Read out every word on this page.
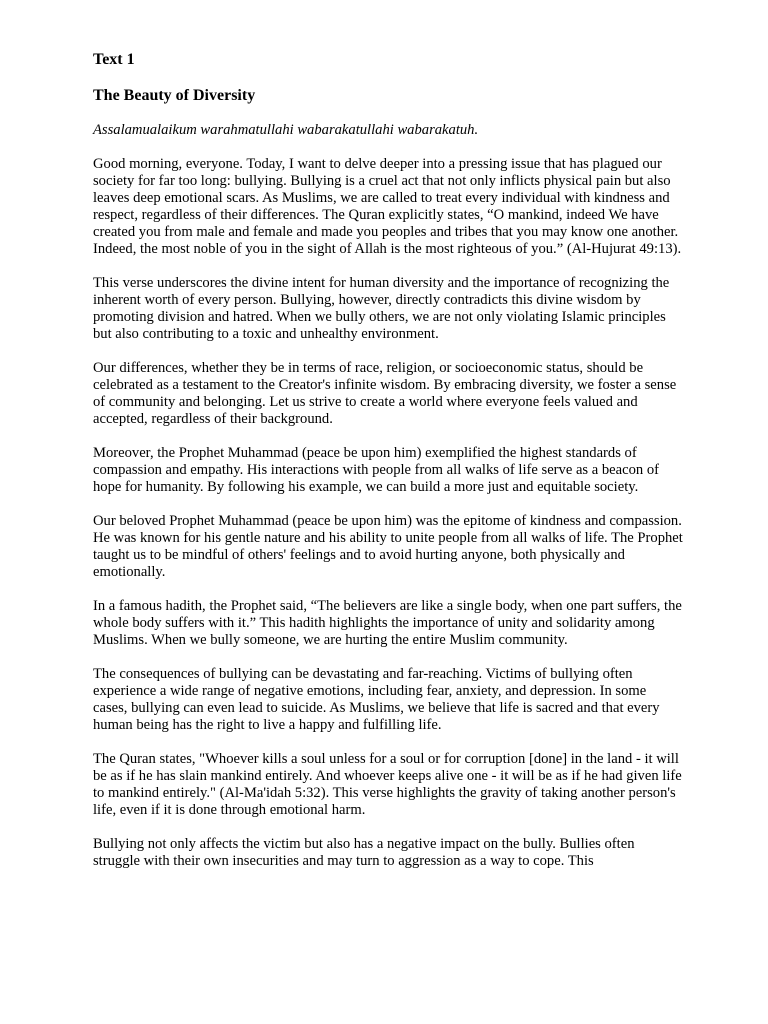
Text 1

The Beauty of Diversity

Assalamualaikum warahmatullahi wabarakatullahi wabarakatuh.

Good morning, everyone. Today, I want to delve deeper into a pressing issue that has plagued our society for far too long: bullying. Bullying is a cruel act that not only inflicts physical pain but also leaves deep emotional scars. As Muslims, we are called to treat every individual with kindness and respect, regardless of their differences. The Quran explicitly states, “O mankind, indeed We have created you from male and female and made you peoples and tribes that you may know one another. Indeed, the most noble of you in the sight of Allah is the most righteous of you.” (Al-Hujurat 49:13).

This verse underscores the divine intent for human diversity and the importance of recognizing the inherent worth of every person. Bullying, however, directly contradicts this divine wisdom by promoting division and hatred. When we bully others, we are not only violating Islamic principles but also contributing to a toxic and unhealthy environment.

Our differences, whether they be in terms of race, religion, or socioeconomic status, should be celebrated as a testament to the Creator's infinite wisdom. By embracing diversity, we foster a sense of community and belonging. Let us strive to create a world where everyone feels valued and accepted, regardless of their background.

Moreover, the Prophet Muhammad (peace be upon him) exemplified the highest standards of compassion and empathy. His interactions with people from all walks of life serve as a beacon of hope for humanity. By following his example, we can build a more just and equitable society.

Our beloved Prophet Muhammad (peace be upon him) was the epitome of kindness and compassion. He was known for his gentle nature and his ability to unite people from all walks of life. The Prophet taught us to be mindful of others' feelings and to avoid hurting anyone, both physically and emotionally.

In a famous hadith, the Prophet said, “The believers are like a single body, when one part suffers, the whole body suffers with it.” This hadith highlights the importance of unity and solidarity among Muslims. When we bully someone, we are hurting the entire Muslim community.

The consequences of bullying can be devastating and far-reaching. Victims of bullying often experience a wide range of negative emotions, including fear, anxiety, and depression. In some cases, bullying can even lead to suicide. As Muslims, we believe that life is sacred and that every human being has the right to live a happy and fulfilling life.

The Quran states, "Whoever kills a soul unless for a soul or for corruption [done] in the land - it will be as if he has slain mankind entirely. And whoever keeps alive one - it will be as if he had given life to mankind entirely." (Al-Ma'idah 5:32). This verse highlights the gravity of taking another person's life, even if it is done through emotional harm.

Bullying not only affects the victim but also has a negative impact on the bully. Bullies often struggle with their own insecurities and may turn to aggression as a way to cope. This
